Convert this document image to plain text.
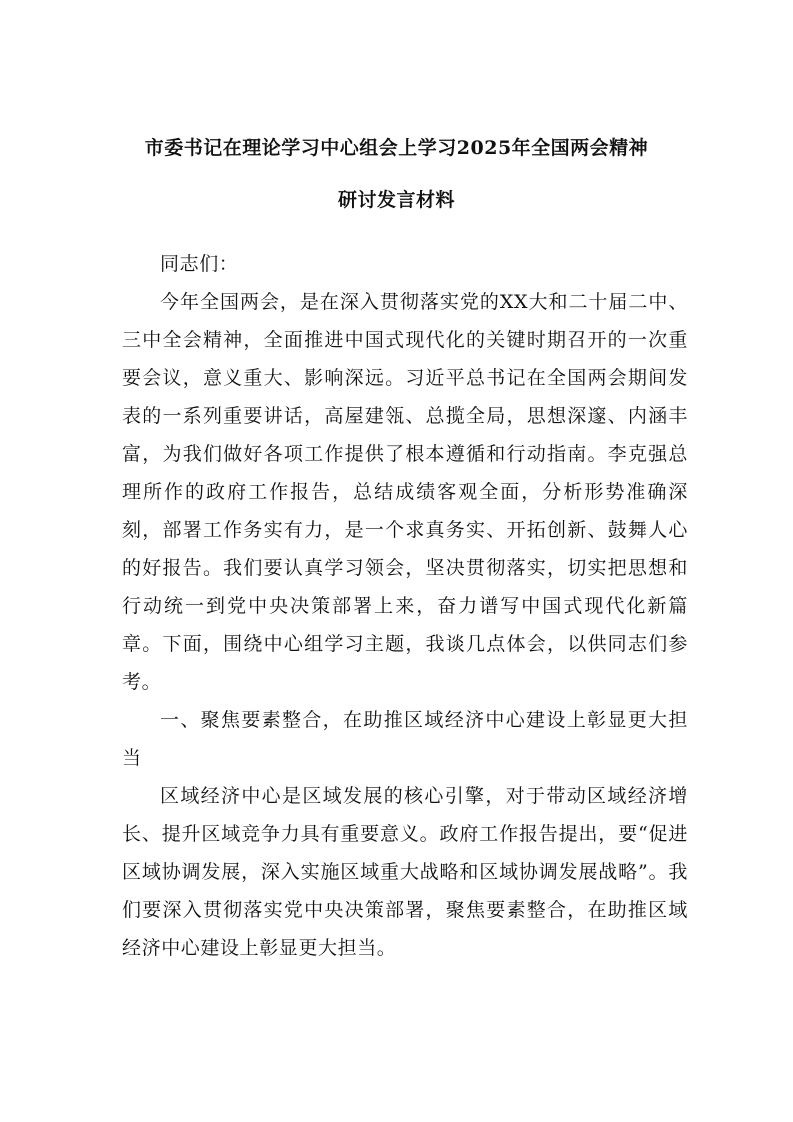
市委书记在理论学习中心组会上学习2025年全国两会精神
研讨发言材料

同志们：

今年全国两会，是在深入贯彻落实党的XX大和二十届二中、三中全会精神，全面推进中国式现代化的关键时期召开的一次重要会议，意义重大、影响深远。习近平总书记在全国两会期间发表的一系列重要讲话，高屋建瓴、总揽全局，思想深邃、内涵丰富，为我们做好各项工作提供了根本遵循和行动指南。李克强总理所作的政府工作报告，总结成绩客观全面，分析形势准确深刻，部署工作务实有力，是一个求真务实、开拓创新、鼓舞人心的好报告。我们要认真学习领会，坚决贯彻落实，切实把思想和行动统一到党中央决策部署上来，奋力谱写中国式现代化新篇章。下面，围绕中心组学习主题，我谈几点体会，以供同志们参考。

一、聚焦要素整合，在助推区域经济中心建设上彰显更大担当

区域经济中心是区域发展的核心引擎，对于带动区域经济增长、提升区域竞争力具有重要意义。政府工作报告提出，要“促进区域协调发展，深入实施区域重大战略和区域协调发展战略”。我们要深入贯彻落实党中央决策部署，聚焦要素整合，在助推区域经济中心建设上彰显更大担当。
